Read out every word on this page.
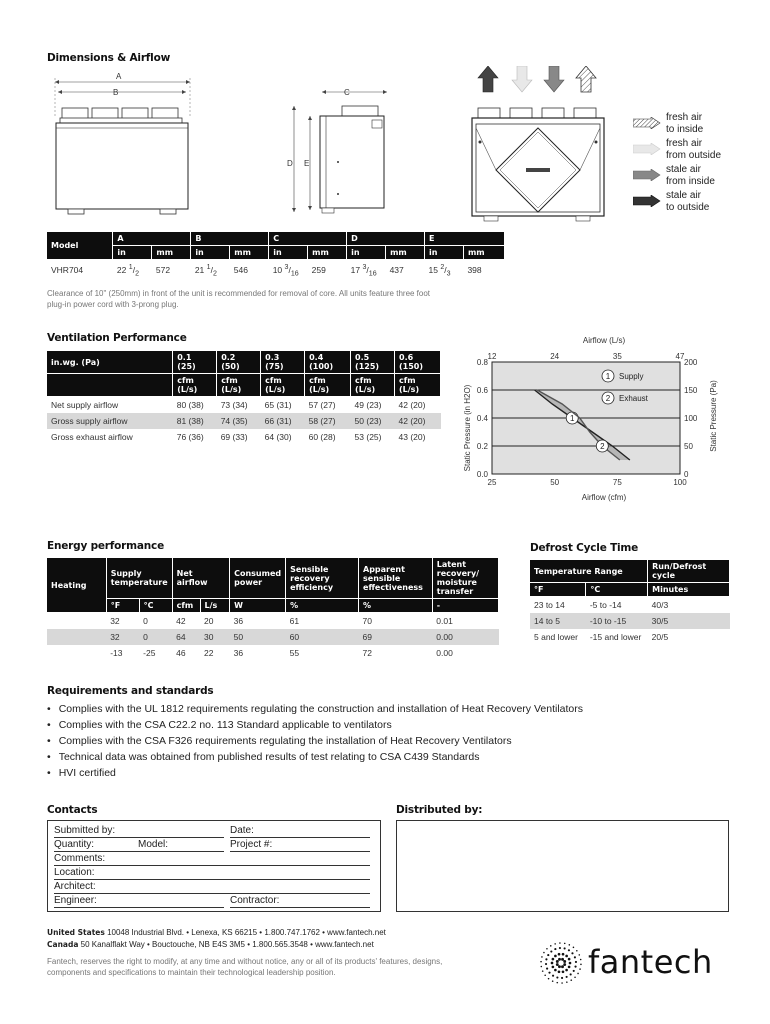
Dimensions & Airflow
A
B	C
D E
fresh air
to inside
fresh air
from outside
stale air
from inside
stale air
to outside
Model	A		B		C		D		E	
	in	mm	in	mm	in	mm	in	mm	in	mm
VHR704	22 $^1/_2$	572	21 $^1/_2$	546	10 $^3/_{16}$	259	17 $^3/_{16}$	437	15 $^2/_3$	398
Clearance of 10" (250mm) in front of the unit is recommended for removal of core. All units feature three foot
plug-in power cord with 3-prong plug.
Ventilation Performance
in.wg. (Pa)	0.1 (25)	0.2 (50)	0.3 (75)	0.4 (100)	0.5 (125)	0.6 (150)
	cfm (L/s)	cfm (L/s)	cfm (L/s)	cfm (L/s)	cfm (L/s)	cfm (L/s)
Net supply airflow	80 (38)	73 (34)	65 (31)	57 (27)	49 (23)	42 (20)
Gross supply airflow	81 (38)	74 (35)	66 (31)	58 (27)	50 (23)	42 (20)
Gross exhaust airflow	76 (36)	69 (33)	64 (30)	60 (28)	53 (25)	43 (20)
Airflow (L/s)
Airflow (cfm)
Static Pressure (in H2O)	Static Pressure (Pa)
0.0	0
0.2	50
0.4	100
0.6	150
0.8	200
25	50	75	100
12	24	35	47
1
1 Supply
2
2 Exhaust
Energy performance
Heating	Supply temperature		Net airflow		Consumed power	Sensible recovery efficiency	Apparent sensible effectiveness	Latent recovery/ moisture transfer
	°F	°C	cfm	L/s	W	%	%	-
	32	0	42	20	36	61	70	0.01
	32	0	64	30	50	60	69	0.00
	-13	-25	46	22	36	55	72	0.00
Defrost Cycle Time
Temperature Range		Run/Defrost cycle
°F	°C	Minutes
23 to 14	-5 to -14	40/3
14 to 5	-10 to -15	30/5
5 and lower	-15 and lower	20/5
Requirements and standards
• Complies with the UL 1812 requirements regulating the construction and installation of Heat Recovery Ventilators
• Complies with the CSA C22.2 no. 113 Standard applicable to ventilators
• Complies with the CSA F326 requirements regulating the installation of Heat Recovery Ventilators
• Technical data was obtained from published results of test relating to CSA C439 Standards
• HVI certified
Contacts
Submitted by:	Date:
Quantity:	Model:	Project #:
Comments:
Location:
Architect:
Engineer:	Contractor:
Distributed by:
United States 10048 Industrial Blvd. • Lenexa, KS 66215 • 1.800.747.1762 • www.fantech.net
Canada 50 Kanalflakt Way • Bouctouche, NB E4S 3M5 • 1.800.565.3548 • www.fantech.net
Fantech, reserves the right to modify, at any time and without notice, any or all of its products' features, designs,
components and specifications to maintain their technological leadership position.	fantech
